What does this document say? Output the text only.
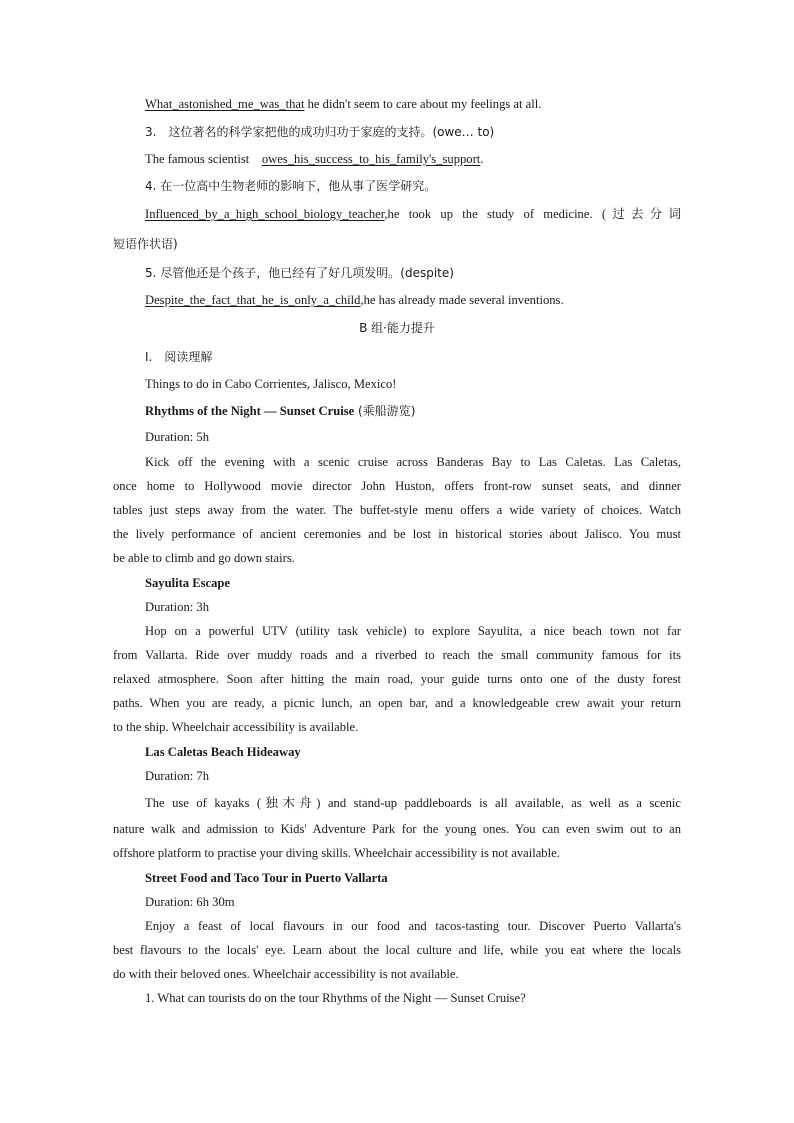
What_astonished_me_was_that he didn't seem to care about my feelings at all.
3.　这位著名的科学家把他的成功归功于家庭的支持。(owe… to)
The famous scientist　owes_his_success_to_his_family's_support.
4. 在一位高中生物老师的影响下，他从事了医学研究。
Influenced_by_a_high_school_biology_teacher,he took up the study of medicine. (过去分词
短语作状语)
5. 尽管他还是个孩子，他已经有了好几项发明。(despite)
Despite_the_fact_that_he_is_only_a_child,he has already made several inventions.
B 组·能力提升
Ⅰ.　阅读理解
Things to do in Cabo Corrientes, Jalisco, Mexico!
Rhythms of the Night — Sunset Cruise (乘船游览)
Duration: 5h
Kick off the evening with a scenic cruise across Banderas Bay to Las Caletas. Las Caletas,
once home to Hollywood movie director John Huston, offers front-row sunset seats, and dinner
tables just steps away from the water. The buffet-style menu offers a wide variety of choices. Watch
the lively performance of ancient ceremonies and be lost in historical stories about Jalisco. You must
be able to climb and go down stairs.
Sayulita Escape
Duration: 3h
Hop on a powerful UTV (utility task vehicle) to explore Sayulita, a nice beach town not far
from Vallarta. Ride over muddy roads and a riverbed to reach the small community famous for its
relaxed atmosphere. Soon after hitting the main road, your guide turns onto one of the dusty forest
paths. When you are ready, a picnic lunch, an open bar, and a knowledgeable crew await your return
to the ship. Wheelchair accessibility is available.
Las Caletas Beach Hideaway
Duration: 7h
The use of kayaks (独木舟) and stand-up paddleboards is all available, as well as a scenic
nature walk and admission to Kids' Adventure Park for the young ones. You can even swim out to an
offshore platform to practise your diving skills. Wheelchair accessibility is not available.
Street Food and Taco Tour in Puerto Vallarta
Duration: 6h 30m
Enjoy a feast of local flavours in our food and tacos-tasting tour. Discover Puerto Vallarta's
best flavours to the locals' eye. Learn about the local culture and life, while you eat where the locals
do with their beloved ones. Wheelchair accessibility is not available.
1. What can tourists do on the tour Rhythms of the Night — Sunset Cruise?
